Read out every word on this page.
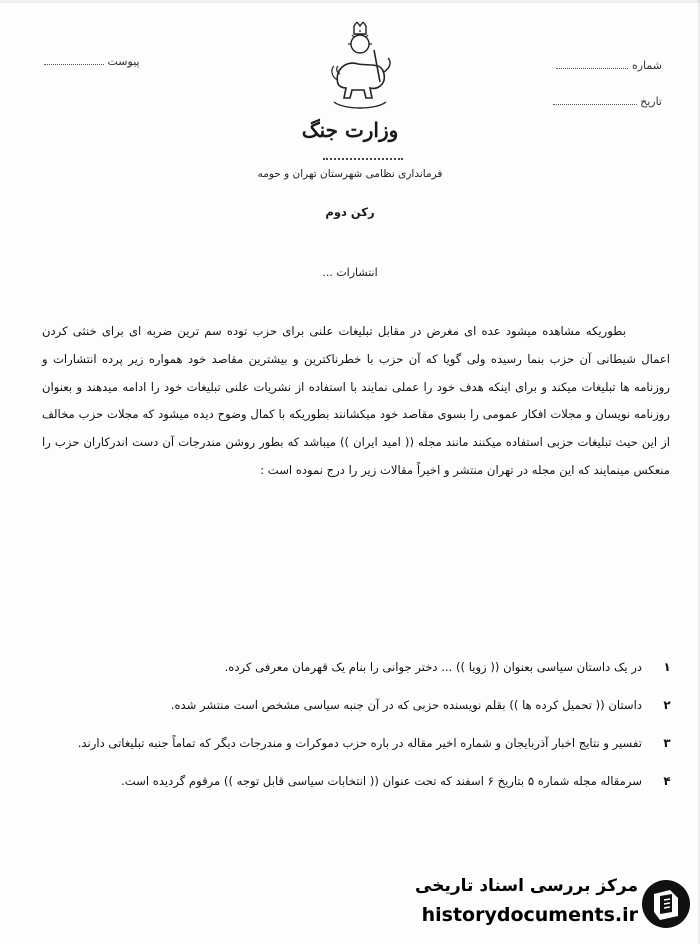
شماره
تاریخ
پیوست
وزارت جنگ
فرمانداری نظامی شهرستان تهران و حومه
رکن دوم
انتشارات ...

بطوریکه مشاهده میشود عده ای مغرض در مقابل تبلیغات علنی برای حزب توده سم ترین ضربه ای برای خنثی کردن اعمال شیطانی آن حزب بنما رسیده ولی گویا که آن حزب با خطرناکترین و بیشترین مقاصد خود همواره زیر پرده انتشارات و روزنامه ها تبلیغات میکند و برای اینکه هدف خود را عملی نمایند با استفاده از نشریات علنی تبلیغات خود را ادامه میدهند و بعنوان روزنامه نویسان و مجلات افکار عمومی را بسوی مقاصد خود میکشانند بطوریکه با کمال وضوح دیده میشود که مجلات حزب مخالف از این حیث تبلیغات حزبی استفاده میکنند مانند مجله (( امید ایران )) میباشد که بطور روشن مندرجات آن دست اندرکاران حزب را منعکس مینمایند که این مجله در تهران منتشر و اخیراً مقالات زیر را درج نموده است :

۱
در یک داستان سیاسی بعنوان (( زویا )) ... دختر جوانی را بنام یک قهرمان معرفی کرده.
۲
داستان (( تحمیل کرده ها )) بقلم نویسنده حزبی که در آن جنبه سیاسی مشخص است منتشر شده.
۳
تفسیر و نتایج اخبار آذربایجان و شماره اخیر مقاله در باره حزب دموکرات و مندرجات دیگر که تماماً جنبه تبلیغاتی دارند.
۴
سرمقاله مجله شماره ۵ بتاریخ ۶ اسفند که تحت عنوان (( انتخابات سیاسی قابل توجه )) مرقوم گردیده است.
مرکز بررسی اسناد تاریخی
historydocuments.ir
